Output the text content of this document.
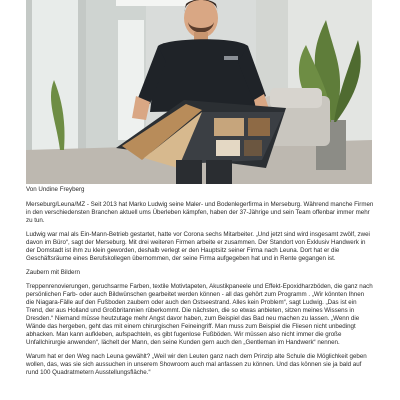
Von Undine Freyberg

Merseburg/Leuna/MZ - Seit 2013 hat Marko Ludwig seine Maler- und Bodenlegerfirma in Merseburg. Während manche Firmen in den verschiedensten Branchen aktuell ums Überleben kämpfen, haben der 37-Jährige und sein Team offenbar immer mehr zu tun.

Ludwig war mal als Ein-Mann-Betrieb gestartet, hatte vor Corona sechs Mitarbeiter. „Und jetzt sind wird insgesamt zwölf, zwei davon im Büro“, sagt der Merseburg. Mit drei weiteren Firmen arbeite er zusammen. Der Standort von Exklusiv Handwerk in der Domstadt ist ihm zu klein geworden, deshalb verlegt er den Hauptsitz seiner Firma nach Leuna. Dort hat er die Geschäftsräume eines Berufskollegen übernommen, der seine Firma aufgegeben hat und in Rente gegangen ist.

Zaubern mit Bildern

Treppenrenovierungen, geruchsarme Farben, textile Motivtapeten, Akustikpaneele und Effekt-Epoxidharzböden, die ganz nach persönlichen Farb- oder auch Bildwünschen gearbeitet werden können - all das gehört zum Programm . „Wir könnten Ihnen die Niagara-Fälle auf den Fußboden zaubern oder auch den Ostseestrand. Alles kein Problem“, sagt Ludwig. „Das ist ein Trend, der aus Holland und Großbritannien rüberkommt. Die nächsten, die so etwas anbieten, sitzen meines Wissens in Dresden.“ Niemand müsse heutzutage mehr Angst davor haben, zum Beispiel das Bad neu machen zu lassen. „Wenn die Wände das hergeben, geht das mit einem chirurgischen Feineingriff. Man muss zum Beispiel die Fliesen nicht unbedingt abhacken. Man kann aufkleben, aufspachteln, es gibt fugenlose Fußböden. Wir müssen also nicht immer die große Unfallchirurgie anwenden“, lächelt der Mann, den seine Kunden gern auch den „Gentleman im Handwerk“ nennen.

Warum hat er den Weg nach Leuna gewählt? „Weil wir den Leuten ganz nach dem Prinzip alte Schule die Möglichkeit geben wollen, das, was sie sich aussuchen in unserem Showroom auch mal anfassen zu können. Und das können sie ja bald auf rund 100 Quadratmetern Ausstellungsfläche.“
